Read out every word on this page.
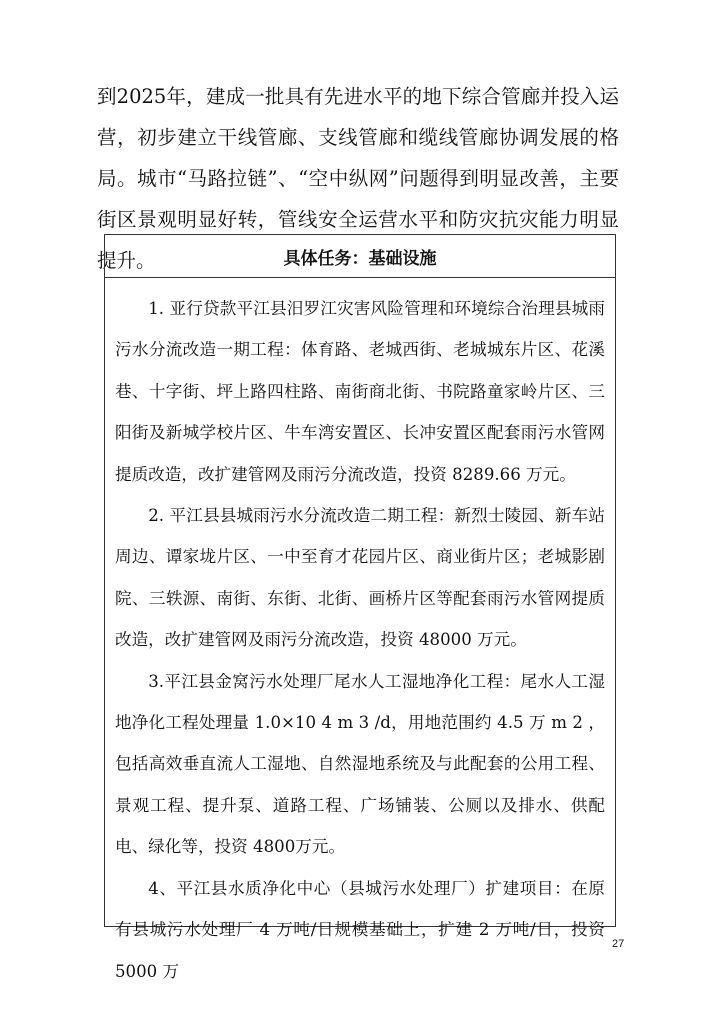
到2025年，建成一批具有先进水平的地下综合管廊并投入运营，初步建立干线管廊、支线管廊和缆线管廊协调发展的格局。城市“马路拉链”、“空中纵网”问题得到明显改善，主要街区景观明显好转，管线安全运营水平和防灾抗灾能力明显提升。	具体任务：基础设施

1. 亚行贷款平江县汨罗江灾害风险管理和环境综合治理县城雨污水分流改造一期工程：体育路、老城西街、老城城东片区、花溪巷、十字街、坪上路四柱路、南街商北街、书院路童家岭片区、三阳街及新城学校片区、牛车湾安置区、长冲安置区配套雨污水管网提质改造，改扩建管网及雨污分流改造，投资 8289.66 万元。

2. 平江县县城雨污水分流改造二期工程：新烈士陵园、新车站周边、谭家垅片区、一中至育才花园片区、商业街片区；老城影剧院、三轶源、南街、东街、北街、画桥片区等配套雨污水管网提质改造，改扩建管网及雨污分流改造，投资 48000 万元。

3.平江县金窝污水处理厂尾水人工湿地净化工程：尾水人工湿地净化工程处理量 1.0×10 4 m 3 /d，用地范围约 4.5 万 m 2 ，包括高效垂直流人工湿地、自然湿地系统及与此配套的公用工程、景观工程、提升泵、道路工程、广场铺装、公厕以及排水、供配电、绿化等，投资 4800万元。

4、平江县水质净化中心（县城污水处理厂）扩建项目：在原有县城污水处理厂 4 万吨/日规模基础上，扩建 2 万吨/日，投资 5000 万

27
